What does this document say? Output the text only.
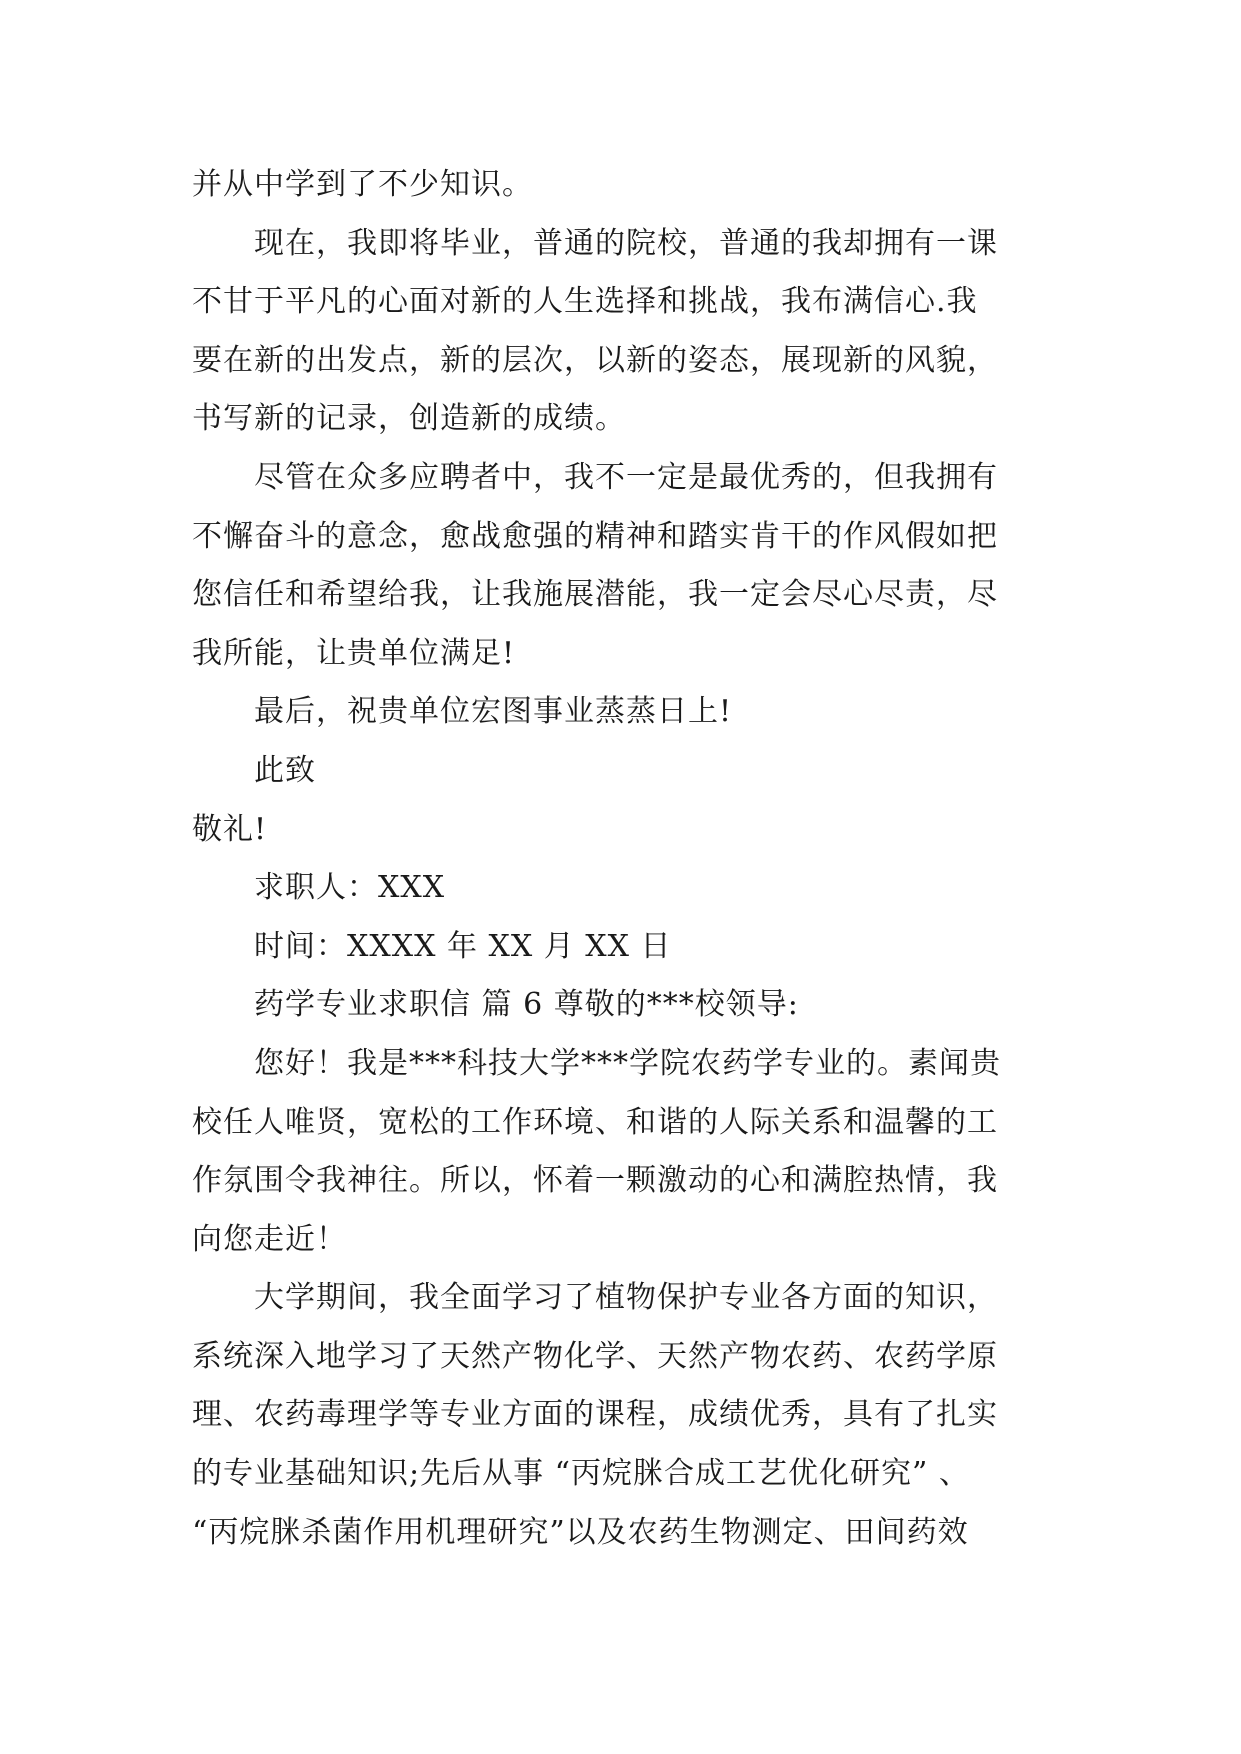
并从中学到了不少知识。
现在，我即将毕业，普通的院校，普通的我却拥有一课
不甘于平凡的心面对新的人生选择和挑战，我布满信心.我
要在新的出发点，新的层次，以新的姿态，展现新的风貌，
书写新的记录，创造新的成绩。
尽管在众多应聘者中，我不一定是最优秀的，但我拥有
不懈奋斗的意念，愈战愈强的精神和踏实肯干的作风假如把
您信任和希望给我，让我施展潜能，我一定会尽心尽责，尽
我所能，让贵单位满足!
最后，祝贵单位宏图事业蒸蒸日上!
此致
敬礼!
求职人：XXX
时间：XXXX 年 XX 月 XX 日
药学专业求职信 篇 6 尊敬的***校领导:
您好！我是***科技大学***学院农药学专业的。素闻贵
校任人唯贤，宽松的工作环境、和谐的人际关系和温馨的工
作氛围令我神往。所以，怀着一颗激动的心和满腔热情，我
向您走近！
大学期间，我全面学习了植物保护专业各方面的知识，
系统深入地学习了天然产物化学、天然产物农药、农药学原
理、农药毒理学等专业方面的课程，成绩优秀，具有了扎实
的专业基础知识;先后从事 “丙烷脒合成工艺优化研究” 、
“丙烷脒杀菌作用机理研究”以及农药生物测定、田间药效
